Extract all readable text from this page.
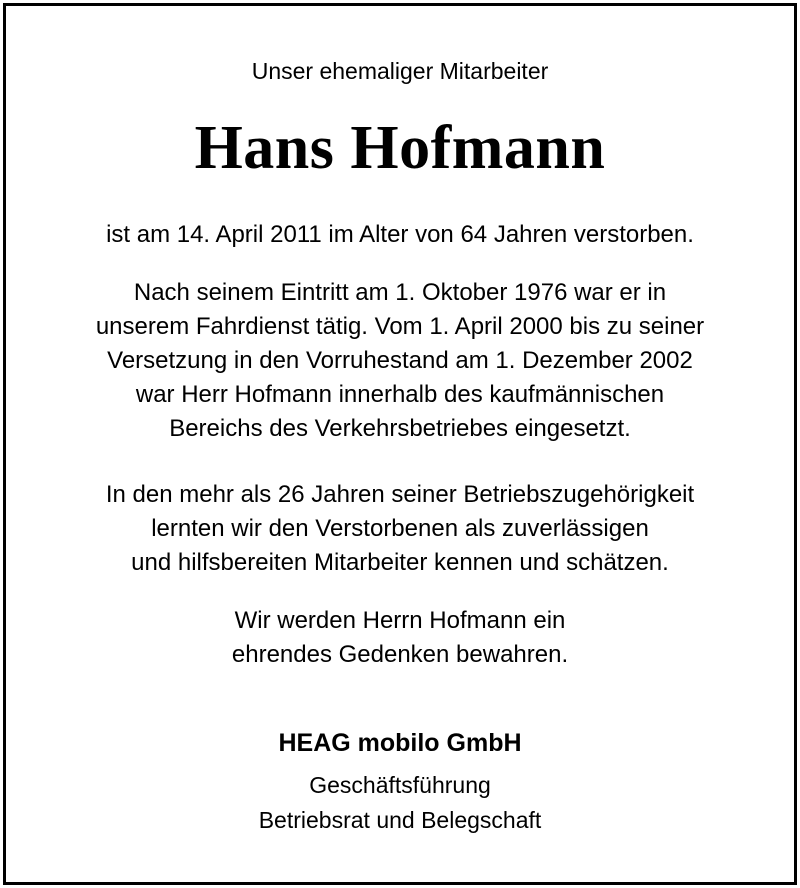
Unser ehemaliger Mitarbeiter
Hans Hofmann
ist am 14. April 2011 im Alter von 64 Jahren verstorben.
Nach seinem Eintritt am 1. Oktober 1976 war er in
unserem Fahrdienst tätig. Vom 1. April 2000 bis zu seiner
Versetzung in den Vorruhestand am 1. Dezember 2002
war Herr Hofmann innerhalb des kaufmännischen
Bereichs des Verkehrsbetriebes eingesetzt.
In den mehr als 26 Jahren seiner Betriebszugehörigkeit
lernten wir den Verstorbenen als zuverlässigen
und hilfsbereiten Mitarbeiter kennen und schätzen.
Wir werden Herrn Hofmann ein
ehrendes Gedenken bewahren.
HEAG mobilo GmbH
Geschäftsführung
Betriebsrat und Belegschaft
